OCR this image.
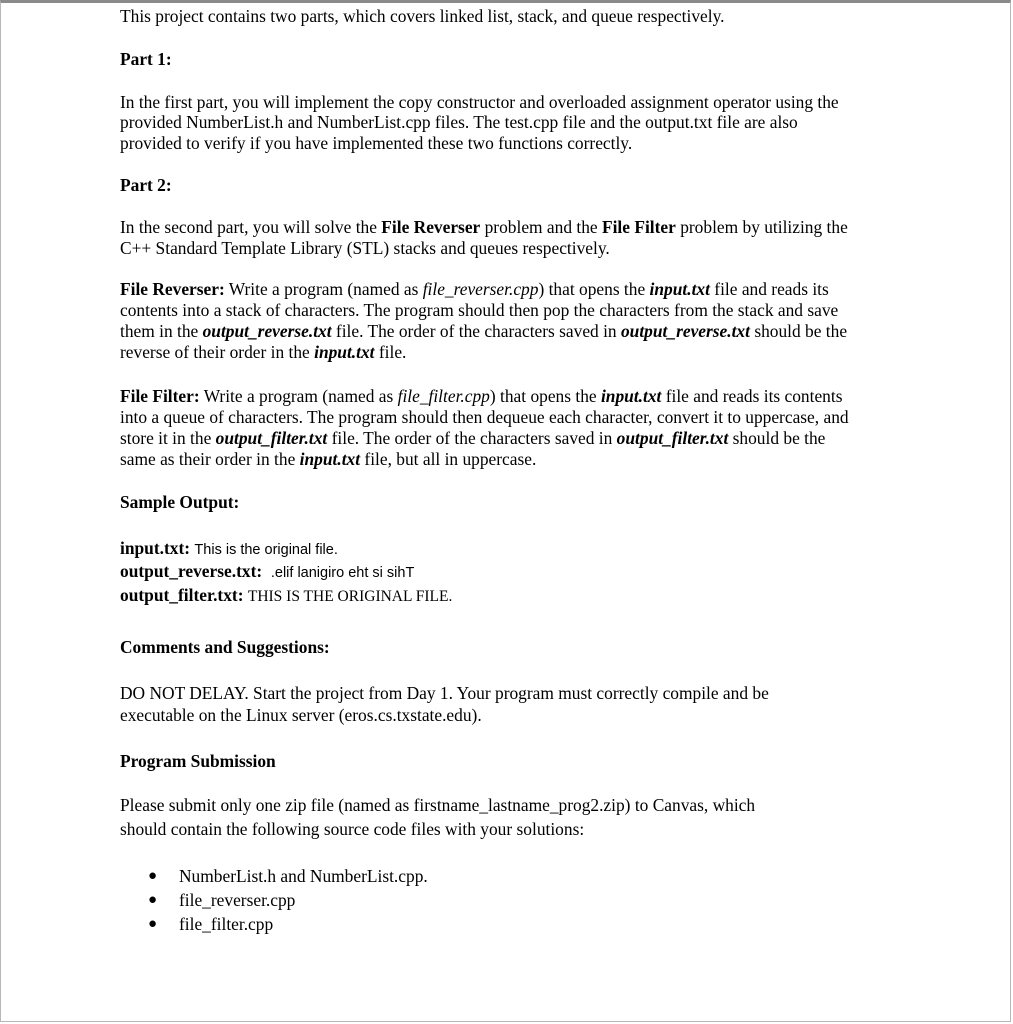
This project contains two parts, which covers linked list, stack, and queue respectively.
Part 1:
In the first part, you will implement the copy constructor and overloaded assignment operator using the
provided NumberList.h and NumberList.cpp files. The test.cpp file and the output.txt file are also
provided to verify if you have implemented these two functions correctly.
Part 2:
In the second part, you will solve the File Reverser problem and the File Filter problem by utilizing the
C++ Standard Template Library (STL) stacks and queues respectively.
File Reverser: Write a program (named as file_reverser.cpp) that opens the input.txt file and reads its
contents into a stack of characters. The program should then pop the characters from the stack and save
them in the output_reverse.txt file. The order of the characters saved in output_reverse.txt should be the
reverse of their order in the input.txt file.
File Filter: Write a program (named as file_filter.cpp) that opens the input.txt file and reads its contents
into a queue of characters. The program should then dequeue each character, convert it to uppercase, and
store it in the output_filter.txt file. The order of the characters saved in output_filter.txt should be the
same as their order in the input.txt file, but all in uppercase.
Sample Output:
input.txt: This is the original file.
output_reverse.txt: .elif lanigiro eht si sihT
output_filter.txt: THIS IS THE ORIGINAL FILE.
Comments and Suggestions:
DO NOT DELAY. Start the project from Day 1. Your program must correctly compile and be
executable on the Linux server (eros.cs.txstate.edu).
Program Submission
Please submit only one zip file (named as firstname_lastname_prog2.zip) to Canvas, which
should contain the following source code files with your solutions:
● NumberList.h and NumberList.cpp.
● file_reverser.cpp
● file_filter.cpp
